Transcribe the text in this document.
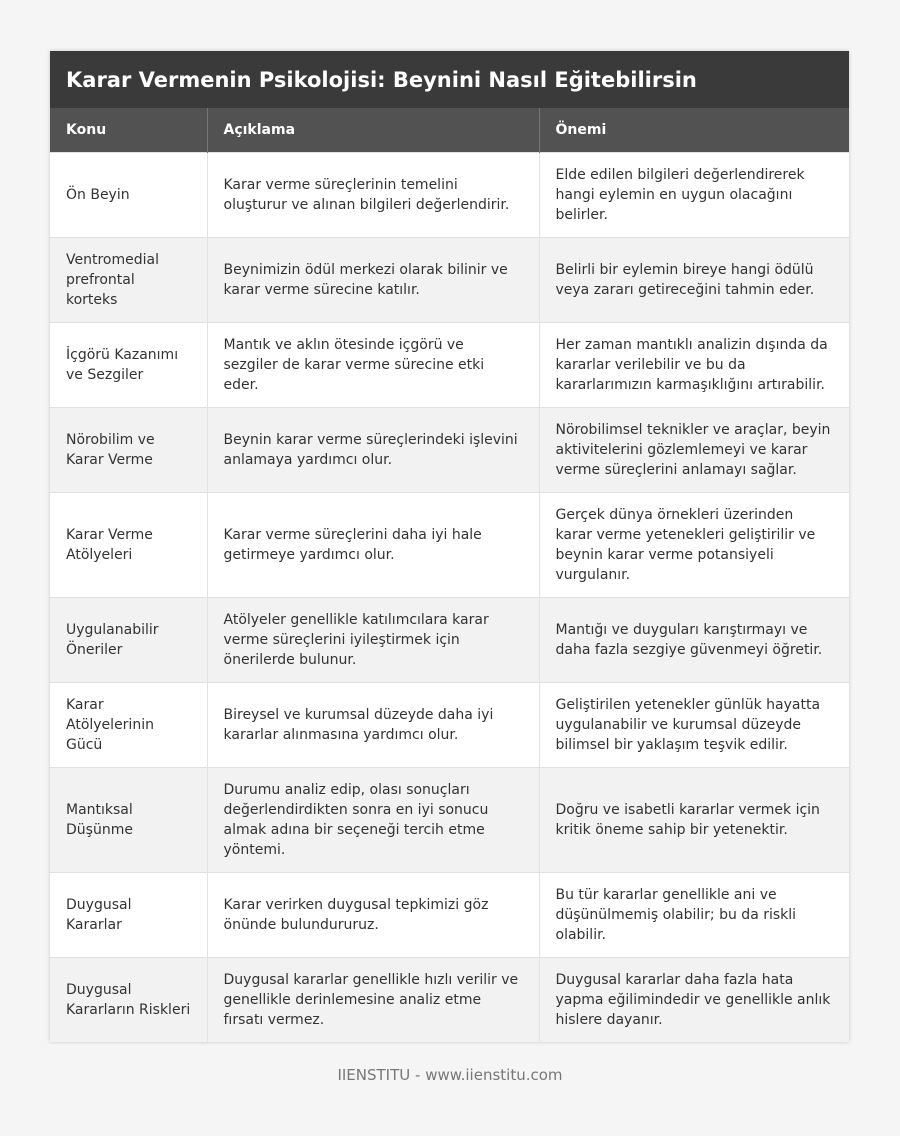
Karar Vermenin Psikolojisi: Beynini Nasıl Eğitebilirsin
Konu	Açıklama	Önemi
Ön Beyin	Karar verme süreçlerinin temelini oluşturur ve alınan bilgileri değerlendirir.	Elde edilen bilgileri değerlendirerek hangi eylemin en uygun olacağını belirler.
Ventromedial prefrontal korteks	Beynimizin ödül merkezi olarak bilinir ve karar verme sürecine katılır.	Belirli bir eylemin bireye hangi ödülü veya zararı getireceğini tahmin eder.
İçgörü Kazanımı ve Sezgiler	Mantık ve aklın ötesinde içgörü ve sezgiler de karar verme sürecine etki eder.	Her zaman mantıklı analizin dışında da kararlar verilebilir ve bu da kararlarımızın karmaşıklığını artırabilir.
Nörobilim ve Karar Verme	Beynin karar verme süreçlerindeki işlevini anlamaya yardımcı olur.	Nörobilimsel teknikler ve araçlar, beyin aktivitelerini gözlemlemeyi ve karar verme süreçlerini anlamayı sağlar.
Karar Verme Atölyeleri	Karar verme süreçlerini daha iyi hale getirmeye yardımcı olur.	Gerçek dünya örnekleri üzerinden karar verme yetenekleri geliştirilir ve beynin karar verme potansiyeli vurgulanır.
Uygulanabilir Öneriler	Atölyeler genellikle katılımcılara karar verme süreçlerini iyileştirmek için önerilerde bulunur.	Mantığı ve duyguları karıştırmayı ve daha fazla sezgiye güvenmeyi öğretir.
Karar Atölyelerinin Gücü	Bireysel ve kurumsal düzeyde daha iyi kararlar alınmasına yardımcı olur.	Geliştirilen yetenekler günlük hayatta uygulanabilir ve kurumsal düzeyde bilimsel bir yaklaşım teşvik edilir.
Mantıksal Düşünme	Durumu analiz edip, olası sonuçları değerlendirdikten sonra en iyi sonucu almak adına bir seçeneği tercih etme yöntemi.	Doğru ve isabetli kararlar vermek için kritik öneme sahip bir yetenektir.
Duygusal Kararlar	Karar verirken duygusal tepkimizi göz önünde bulundururuz.	Bu tür kararlar genellikle ani ve düşünülmemiş olabilir; bu da riskli olabilir.
Duygusal Kararların Riskleri	Duygusal kararlar genellikle hızlı verilir ve genellikle derinlemesine analiz etme fırsatı vermez.	Duygusal kararlar daha fazla hata yapma eğilimindedir ve genellikle anlık hislere dayanır.
IIENSTITU - www.iienstitu.com
